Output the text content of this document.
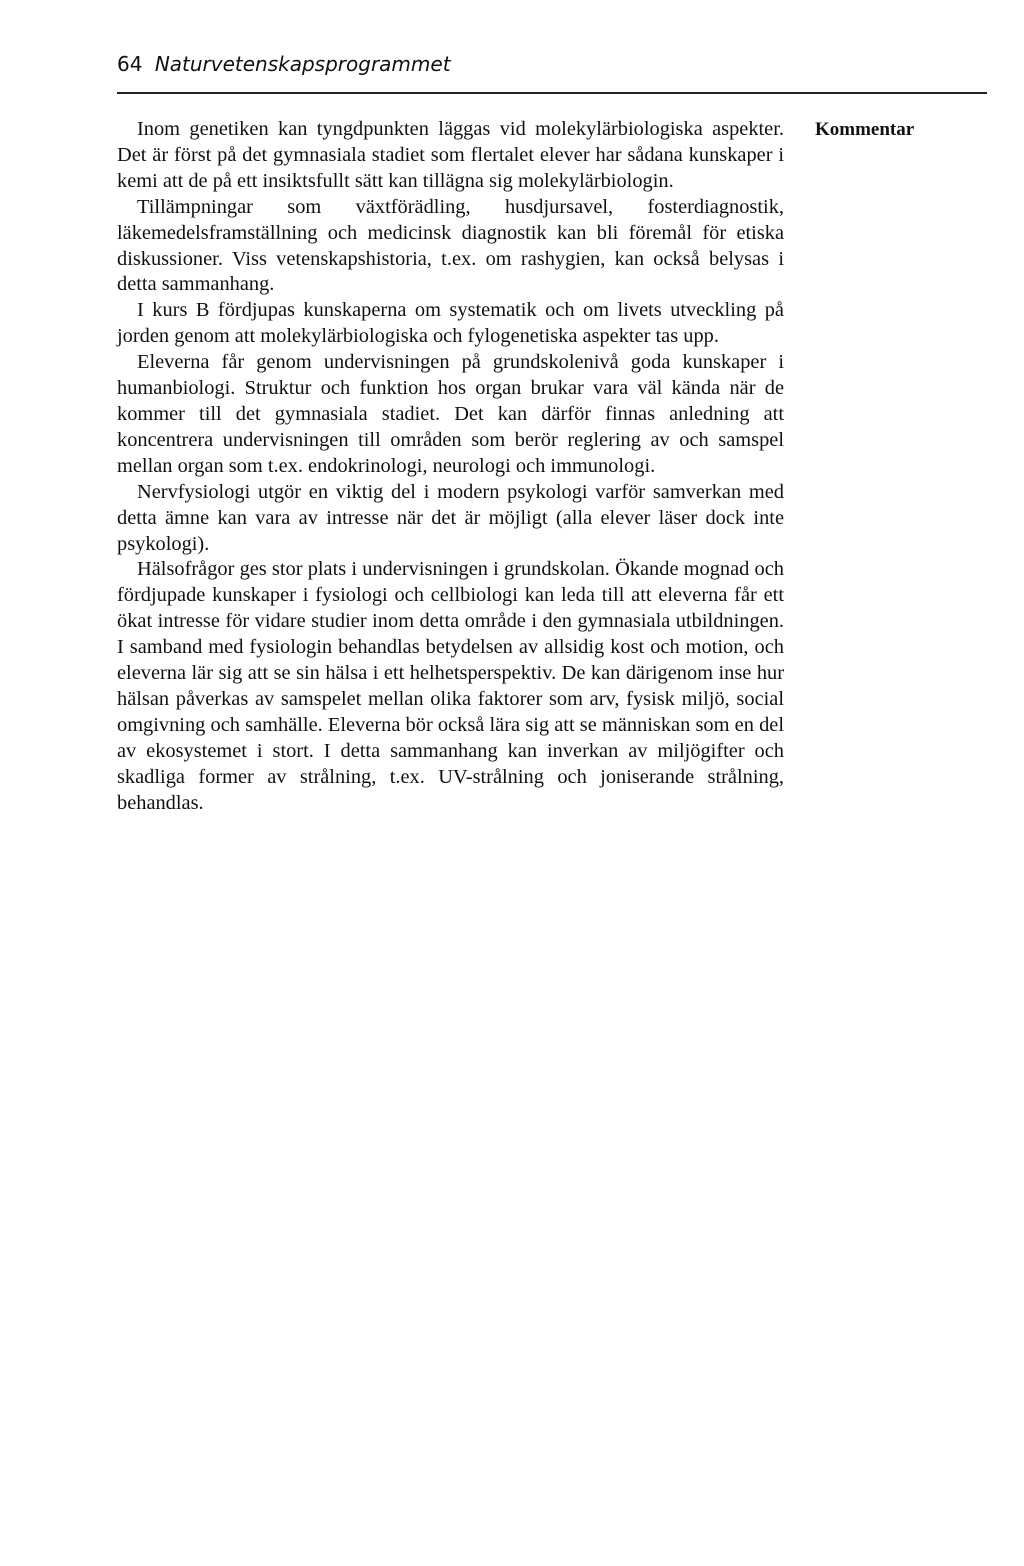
64 Naturvetenskapsprogrammet

Inom genetiken kan tyngdpunkten läggas vid molekylärbiologiska aspekter. Det är först på det gymnasiala stadiet som flertalet elever har sådana kunskaper i kemi att de på ett insiktsfullt sätt kan tillägna sig molekylärbiologin.

Tillämpningar som växtförädling, husdjursavel, fosterdiagnostik, läkemedelsframställning och medicinsk diagnostik kan bli föremål för etiska diskussioner. Viss vetenskapshistoria, t.ex. om rashygien, kan också belysas i detta sammanhang.

I kurs B fördjupas kunskaperna om systematik och om livets utveckling på jorden genom att molekylärbiologiska och fylogenetiska aspekter tas upp.

Eleverna får genom undervisningen på grundskolenivå goda kunskaper i humanbiologi. Struktur och funktion hos organ brukar vara väl kända när de kommer till det gymnasiala stadiet. Det kan därför finnas anledning att koncentrera undervisningen till områden som berör reglering av och samspel mellan organ som t.ex. endokrinologi, neurologi och immunologi.

Nervfysiologi utgör en viktig del i modern psykologi varför samverkan med detta ämne kan vara av intresse när det är möjligt (alla elever läser dock inte psykologi).

Hälsofrågor ges stor plats i undervisningen i grundskolan. Ökande mognad och fördjupade kunskaper i fysiologi och cellbiologi kan leda till att eleverna får ett ökat intresse för vidare studier inom detta område i den gymnasiala utbildningen. I samband med fysiologin behandlas betydelsen av allsidig kost och motion, och eleverna lär sig att se sin hälsa i ett helhetsperspektiv. De kan därigenom inse hur hälsan påverkas av samspelet mellan olika faktorer som arv, fysisk miljö, social omgivning och samhälle. Eleverna bör också lära sig att se människan som en del av ekosystemet i stort. I detta sammanhang kan inverkan av miljögifter och skadliga former av strålning, t.ex. UV-strålning och joniserande strålning, behandlas.

Kommentar
